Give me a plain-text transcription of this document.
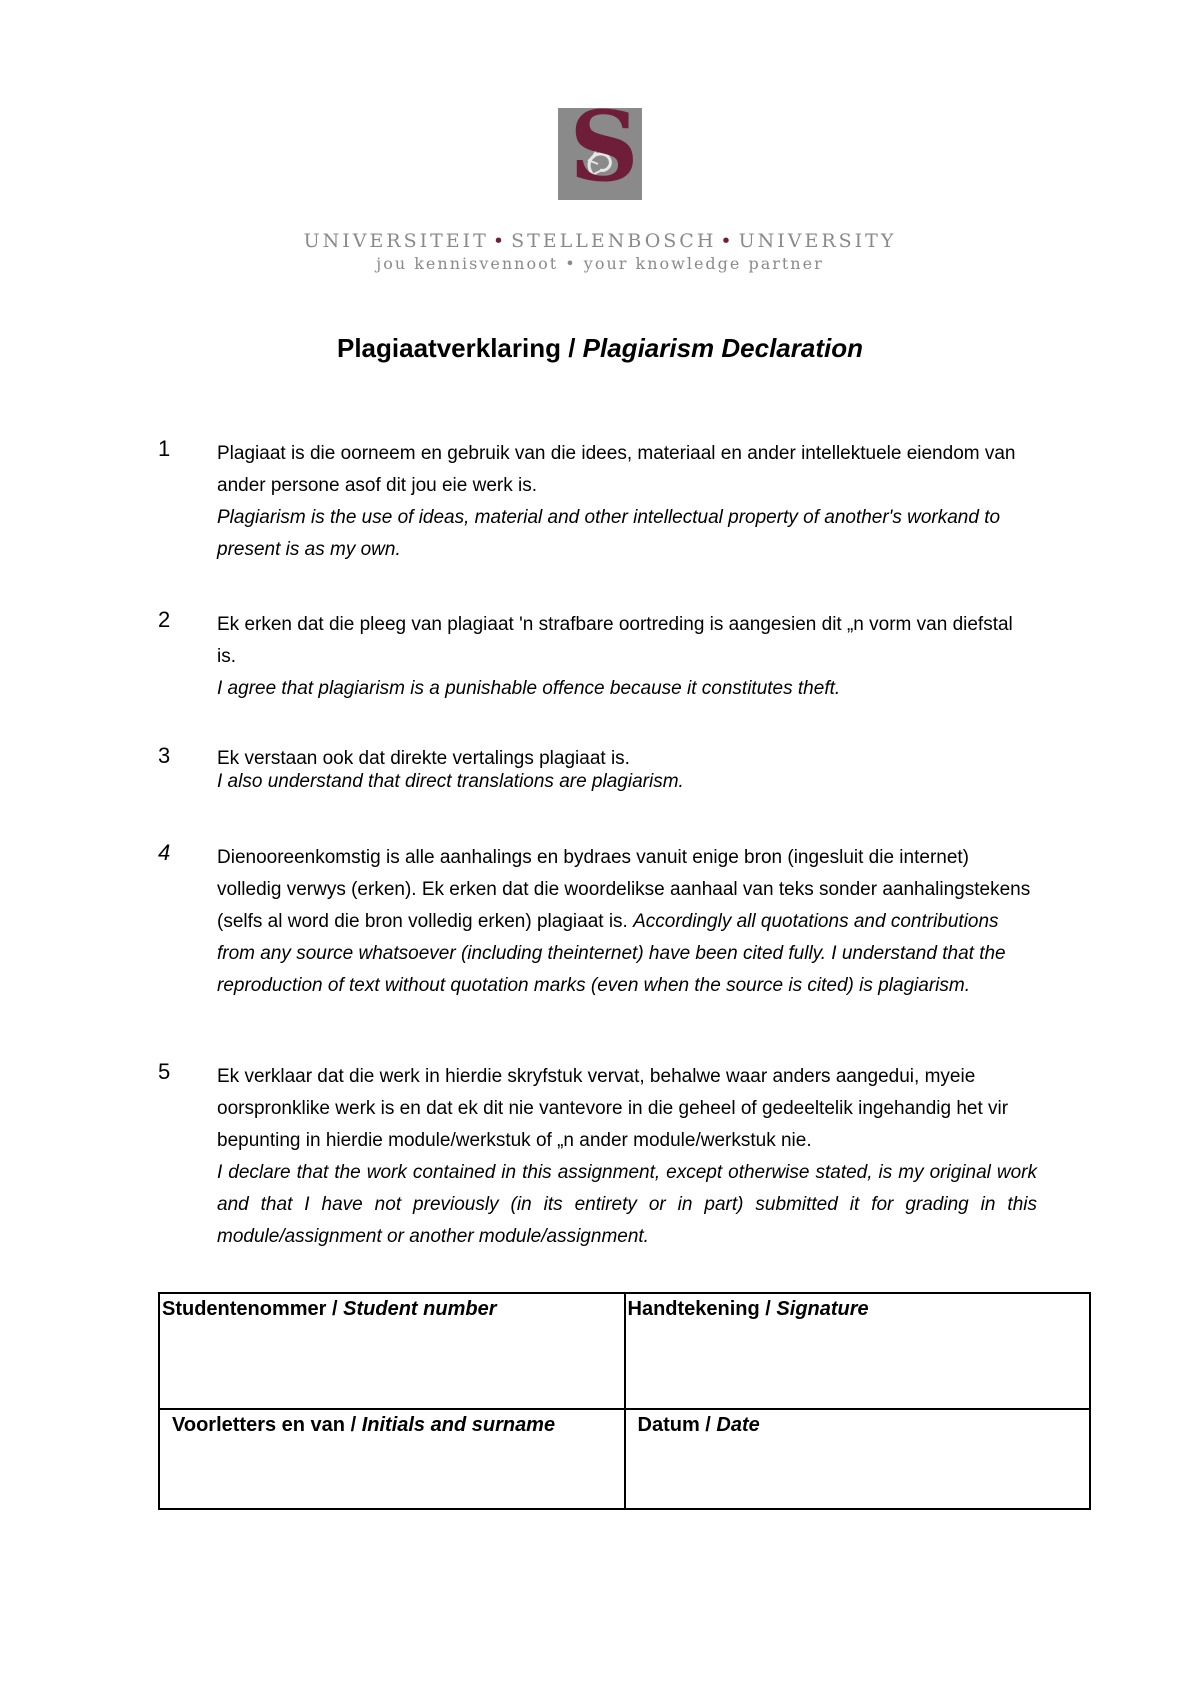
S
UNIVERSITEIT • STELLENBOSCH • UNIVERSITY
jou kennisvennoot • your knowledge partner
Plagiaatverklaring / Plagiarism Declaration
1	Plagiaat is die oorneem en gebruik van die idees, materiaal en ander intellektuele eiendom van ander persone asof dit jou eie werk is.

Plagiarism is the use of ideas, material and other intellectual property of another's workand to present is as my own.

2	Ek erken dat die pleeg van plagiaat 'n strafbare oortreding is aangesien dit „n vorm van diefstal is.

I agree that plagiarism is a punishable offence because it constitutes theft.

3	Ek verstaan ook dat direkte vertalings plagiaat is.

I also understand that direct translations are plagiarism.

4	Dienooreenkomstig is alle aanhalings en bydraes vanuit enige bron (ingesluit die internet) volledig verwys (erken). Ek erken dat die woordelikse aanhaal van teks sonder aanhalingstekens (selfs al word die bron volledig erken) plagiaat is. Accordingly all quotations and contributions from any source whatsoever (including theinternet) have been cited fully. I understand that the reproduction of text without quotation marks (even when the source is cited) is plagiarism.

5	Ek verklaar dat die werk in hierdie skryfstuk vervat, behalwe waar anders aangedui, myeie oorspronklike werk is en dat ek dit nie vantevore in die geheel of gedeeltelik ingehandig het vir bepunting in hierdie module/werkstuk of „n ander module/werkstuk nie.

I declare that the work contained in this assignment, except otherwise stated, is my original work and that I have not previously (in its entirety or in part) submitted it for grading in this module/assignment or another module/assignment.

Studentenommer / Student number	Handtekening / Signature
Voorletters en van / Initials and surname	Datum / Date
